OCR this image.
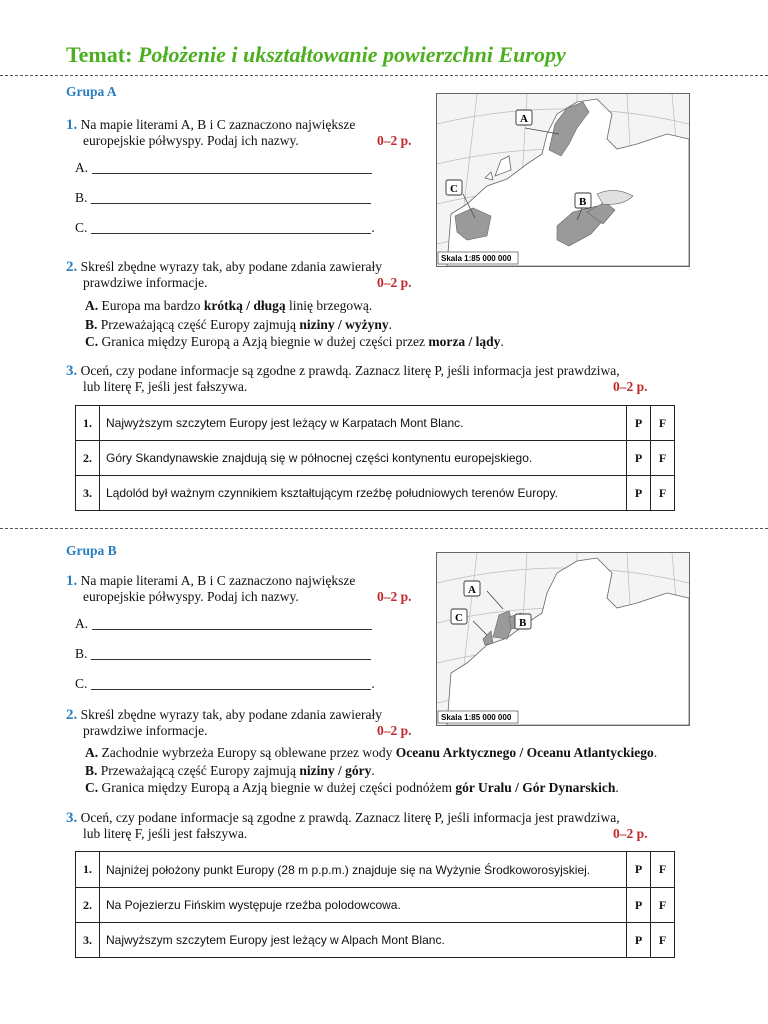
Temat: Położenie i ukształtowanie powierzchni Europy
Grupa A
1. Na mapie literami A, B i C zaznaczono największe
europejskie półwyspy. Podaj ich nazwy.	0–2 p.
A.
B.
C.	.
A
B
C
Skala 1:85 000 000
2. Skreśl zbędne wyrazy tak, aby podane zdania zawierały
prawdziwe informacje.	0–2 p.
A. Europa ma bardzo krótką / długą linię brzegową.
B. Przeważającą część Europy zajmują niziny / wyżyny.
C. Granica między Europą a Azją biegnie w dużej części przez morza / lądy.
3. Oceń, czy podane informacje są zgodne z prawdą. Zaznacz literę P, jeśli informacja jest prawdziwa,
lub literę F, jeśli jest fałszywa.	0–2 p.
1.	Najwyższym szczytem Europy jest leżący w Karpatach Mont Blanc.	P	F
2.	Góry Skandynawskie znajdują się w północnej części kontynentu europejskiego.	P	F
3.	Lądolód był ważnym czynnikiem kształtującym rzeźbę południowych terenów Europy.	P	F
Grupa B
1. Na mapie literami A, B i C zaznaczono największe
europejskie półwyspy. Podaj ich nazwy.	0–2 p.
A.
B.
C.	.
A
B
C
Skala 1:85 000 000
2. Skreśl zbędne wyrazy tak, aby podane zdania zawierały
prawdziwe informacje.	0–2 p.
A. Zachodnie wybrzeża Europy są oblewane przez wody Oceanu Arktycznego / Oceanu Atlantyckiego.
B. Przeważającą część Europy zajmują niziny / góry.
C. Granica między Europą a Azją biegnie w dużej części podnóżem gór Uralu / Gór Dynarskich.
3. Oceń, czy podane informacje są zgodne z prawdą. Zaznacz literę P, jeśli informacja jest prawdziwa,
lub literę F, jeśli jest fałszywa.	0–2 p.
1.	Najniżej położony punkt Europy (28 m p.p.m.) znajduje się na Wyżynie Środkoworosyjskiej.	P	F
2.	Na Pojezierzu Fińskim występuje rzeźba polodowcowa.	P	F
3.	Najwyższym szczytem Europy jest leżący w Alpach Mont Blanc.	P	F
